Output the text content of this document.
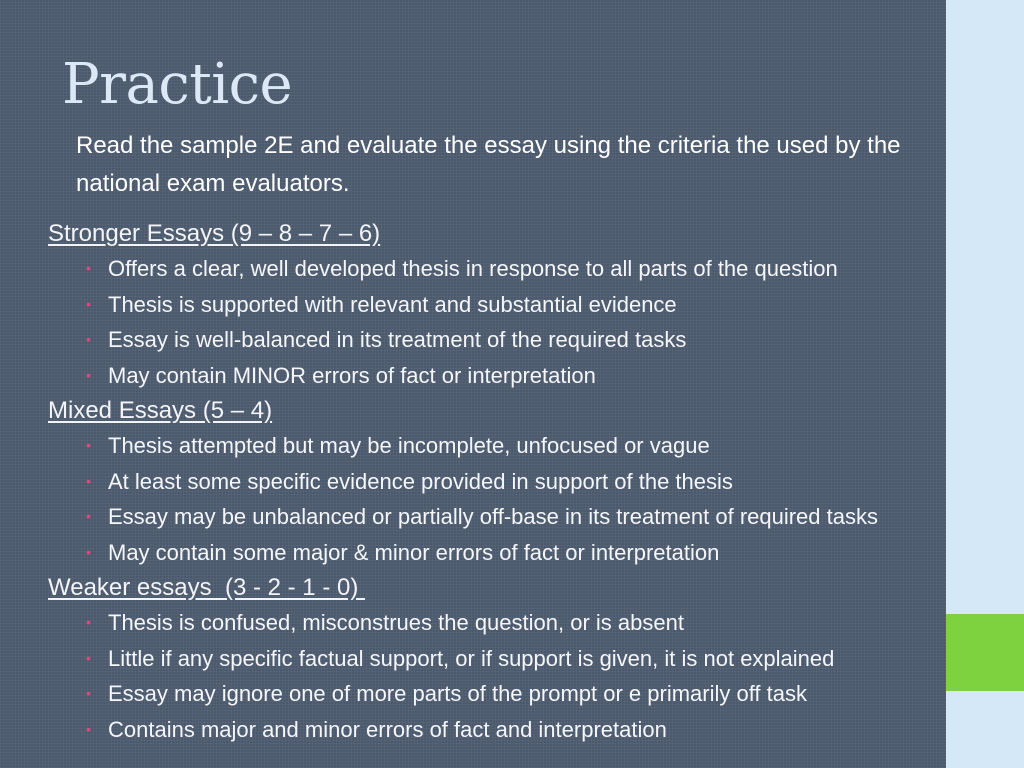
Practice

Read the sample 2E and evaluate the essay using the criteria the used by the national exam evaluators.

Stronger Essays (9 – 8 – 7 – 6)
• Offers a clear, well developed thesis in response to all parts of the question
• Thesis is supported with relevant and substantial evidence
• Essay is well-balanced in its treatment of the required tasks
• May contain MINOR errors of fact or interpretation
Mixed Essays (5 – 4)
• Thesis attempted but may be incomplete, unfocused or vague
• At least some specific evidence provided in support of the thesis
• Essay may be unbalanced or partially off-base in its treatment of required tasks
• May contain some major & minor errors of fact or interpretation
Weaker essays  (3 - 2 - 1 - 0)
• Thesis is confused, misconstrues the question, or is absent
• Little if any specific factual support, or if support is given, it is not explained
• Essay may ignore one of more parts of the prompt or e primarily off task
• Contains major and minor errors of fact and interpretation
